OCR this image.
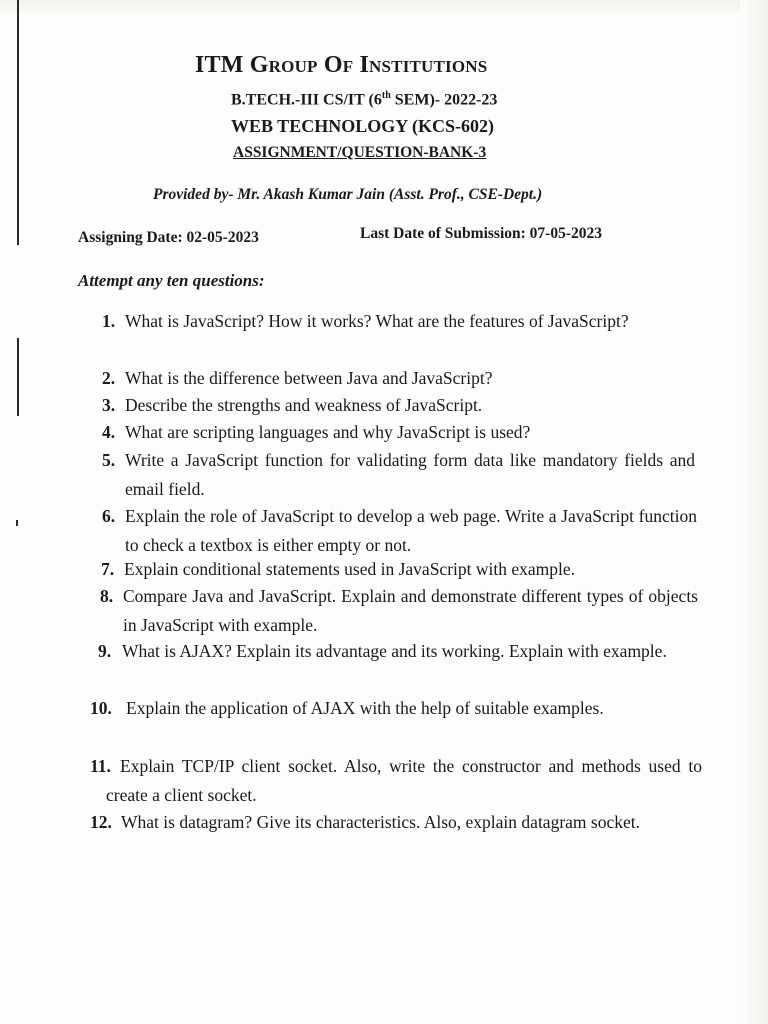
ITM Group Of Institutions
B.TECH.-III CS/IT (6th SEM)- 2022-23
WEB TECHNOLOGY (KCS-602)
ASSIGNMENT/QUESTION-BANK-3
Provided by- Mr. Akash Kumar Jain (Asst. Prof., CSE-Dept.)
Assigning Date: 02-05-2023	Last Date of Submission: 07-05-2023
Attempt any ten questions:
1. What is JavaScript? How it works? What are the features of JavaScript?
2. What is the difference between Java and JavaScript?
3. Describe the strengths and weakness of JavaScript.
4. What are scripting languages and why JavaScript is used?
5. Write a JavaScript function for validating form data like mandatory fields and email field.
6. Explain the role of JavaScript to develop a web page. Write a JavaScript function to check a textbox is either empty or not.
7. Explain conditional statements used in JavaScript with example.
8. Compare Java and JavaScript. Explain and demonstrate different types of objects in JavaScript with example.
9. What is AJAX? Explain its advantage and its working. Explain with example.
10. Explain the application of AJAX with the help of suitable examples.
11. Explain TCP/IP client socket. Also, write the constructor and methods used to create a client socket.
12. What is datagram? Give its characteristics. Also, explain datagram socket.
